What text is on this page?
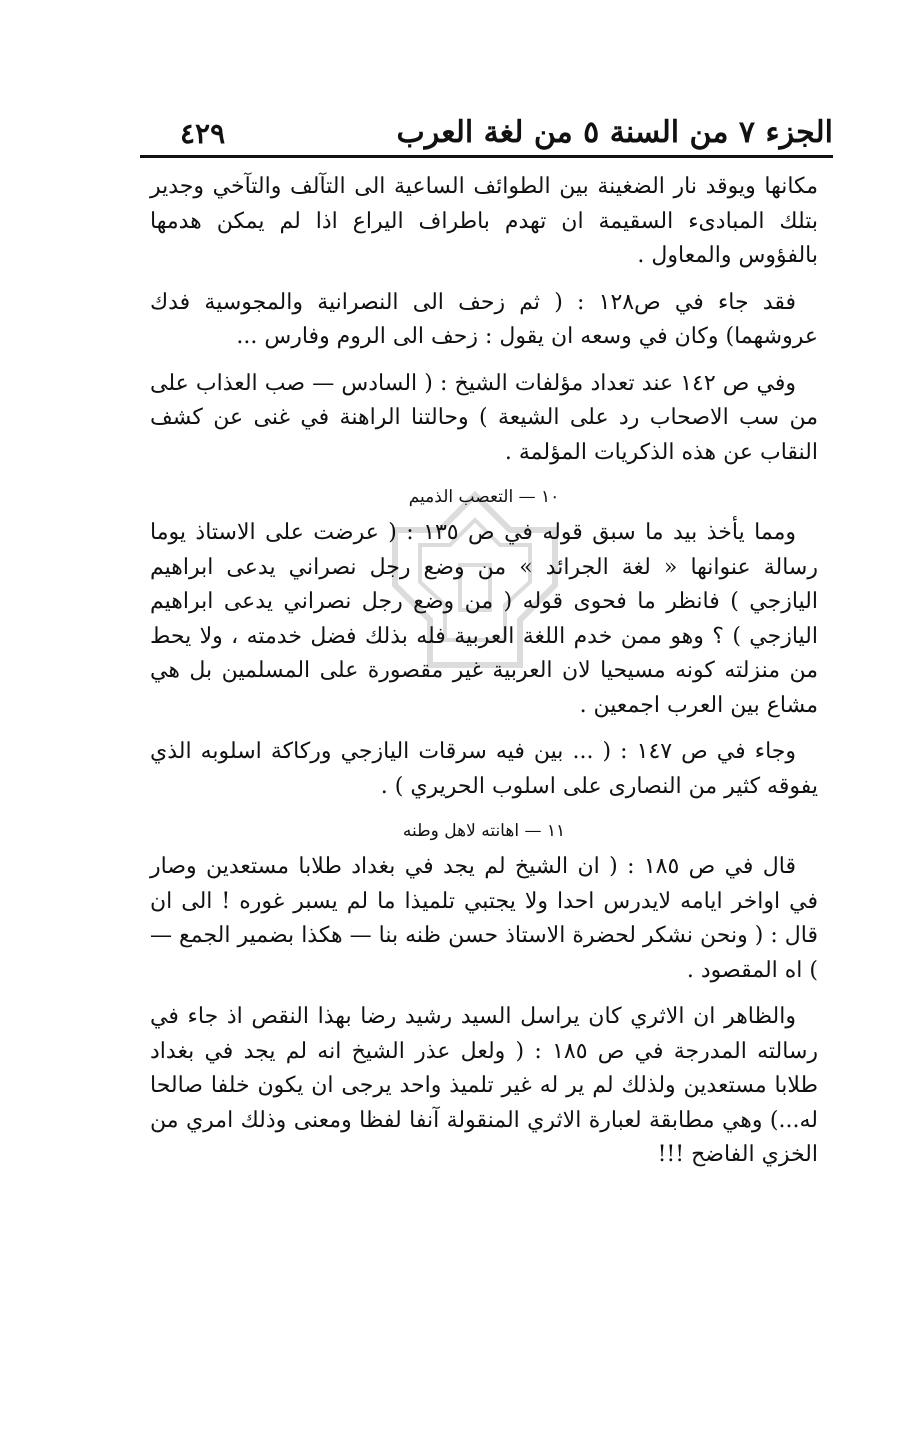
الجزء ٧ من السنة ٥ من لغة العرب
٤٢٩

مكانها ويوقد نار الضغينة بين الطوائف الساعية الى التآلف والتآخي وجدير بتلك المبادىء السقيمة ان تهدم باطراف اليراع اذا لم يمكن هدمها بالفؤوس والمعاول .

فقد جاء في ص١٢٨ : ( ثم زحف الى النصرانية والمجوسية فدك عروشهما) وكان في وسعه ان يقول : زحف الى الروم وفارس ...

وفي ص ١٤٢ عند تعداد مؤلفات الشيخ : ( السادس — صب العذاب على من سب الاصحاب رد على الشيعة ) وحالتنا الراهنة في غنى عن كشف النقاب عن هذه الذكريات المؤلمة .

١٠ — التعصب الذميم

ومما يأخذ بيد ما سبق قوله في ص ١٣٥ : ( عرضت على الاستاذ يوما رسالة عنوانها « لغة الجرائد » من وضع رجل نصراني يدعى ابراهيم اليازجي ) فانظر ما فحوى قوله ( من وضع رجل نصراني يدعى ابراهيم اليازجي ) ؟ وهو ممن خدم اللغة العربية فله بذلك فضل خدمته ، ولا يحط من منزلته كونه مسيحيا لان العربية غير مقصورة على المسلمين بل هي مشاع بين العرب اجمعين .

وجاء في ص ١٤٧ : ( ... بين فيه سرقات اليازجي وركاكة اسلوبه الذي يفوقه كثير من النصارى على اسلوب الحريري ) .

١١ — اهانته لاهل وطنه

قال في ص ١٨٥ : ( ان الشيخ لم يجد في بغداد طلابا مستعدين وصار في اواخر ايامه لايدرس احدا ولا يجتبي تلميذا ما لم يسبر غوره ! الى ان قال : ( ونحن نشكر لحضرة الاستاذ حسن ظنه بنا — هكذا بضمير الجمع — ) اه المقصود .

والظاهر ان الاثري كان يراسل السيد رشيد رضا بهذا النقص اذ جاء في رسالته المدرجة في ص ١٨٥ : ( ولعل عذر الشيخ انه لم يجد في بغداد طلابا مستعدين ولذلك لم ير له غير تلميذ واحد يرجى ان يكون خلفا صالحا له...) وهي مطابقة لعبارة الاثري المنقولة آنفا لفظا ومعنى وذلك امري من الخزي الفاضح !!!
